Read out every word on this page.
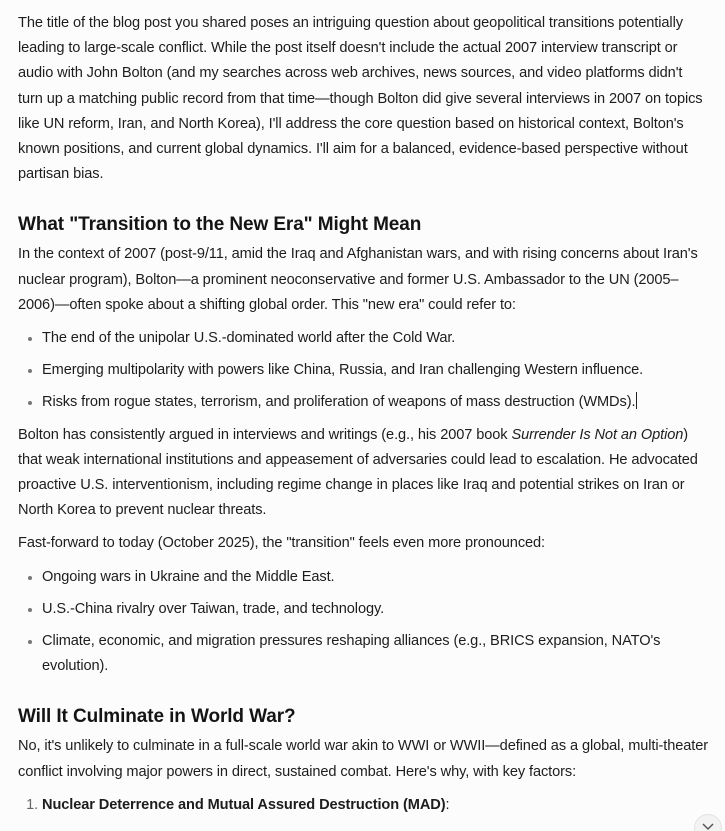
The title of the blog post you shared poses an intriguing question about geopolitical transitions potentially leading to large-scale conflict. While the post itself doesn't include the actual 2007 interview transcript or audio with John Bolton (and my searches across web archives, news sources, and video platforms didn't turn up a matching public record from that time—though Bolton did give several interviews in 2007 on topics like UN reform, Iran, and North Korea), I'll address the core question based on historical context, Bolton's known positions, and current global dynamics. I'll aim for a balanced, evidence-based perspective without partisan bias.

What "Transition to the New Era" Might Mean

In the context of 2007 (post-9/11, amid the Iraq and Afghanistan wars, and with rising concerns about Iran's nuclear program), Bolton—a prominent neoconservative and former U.S. Ambassador to the UN (2005–2006)—often spoke about a shifting global order. This "new era" could refer to:

• The end of the unipolar U.S.-dominated world after the Cold War.
• Emerging multipolarity with powers like China, Russia, and Iran challenging Western influence.
• Risks from rogue states, terrorism, and proliferation of weapons of mass destruction (WMDs).

Bolton has consistently argued in interviews and writings (e.g., his 2007 book Surrender Is Not an Option) that weak international institutions and appeasement of adversaries could lead to escalation. He advocated proactive U.S. interventionism, including regime change in places like Iraq and potential strikes on Iran or North Korea to prevent nuclear threats.

Fast-forward to today (October 2025), the "transition" feels even more pronounced:

• Ongoing wars in Ukraine and the Middle East.
• U.S.-China rivalry over Taiwan, trade, and technology.
• Climate, economic, and migration pressures reshaping alliances (e.g., BRICS expansion, NATO's evolution).
Will It Culminate in World War?

No, it's unlikely to culminate in a full-scale world war akin to WWI or WWII—defined as a global, multi-theater conflict involving major powers in direct, sustained combat. Here's why, with key factors:

1. Nuclear Deterrence and Mutual Assured Destruction (MAD):
